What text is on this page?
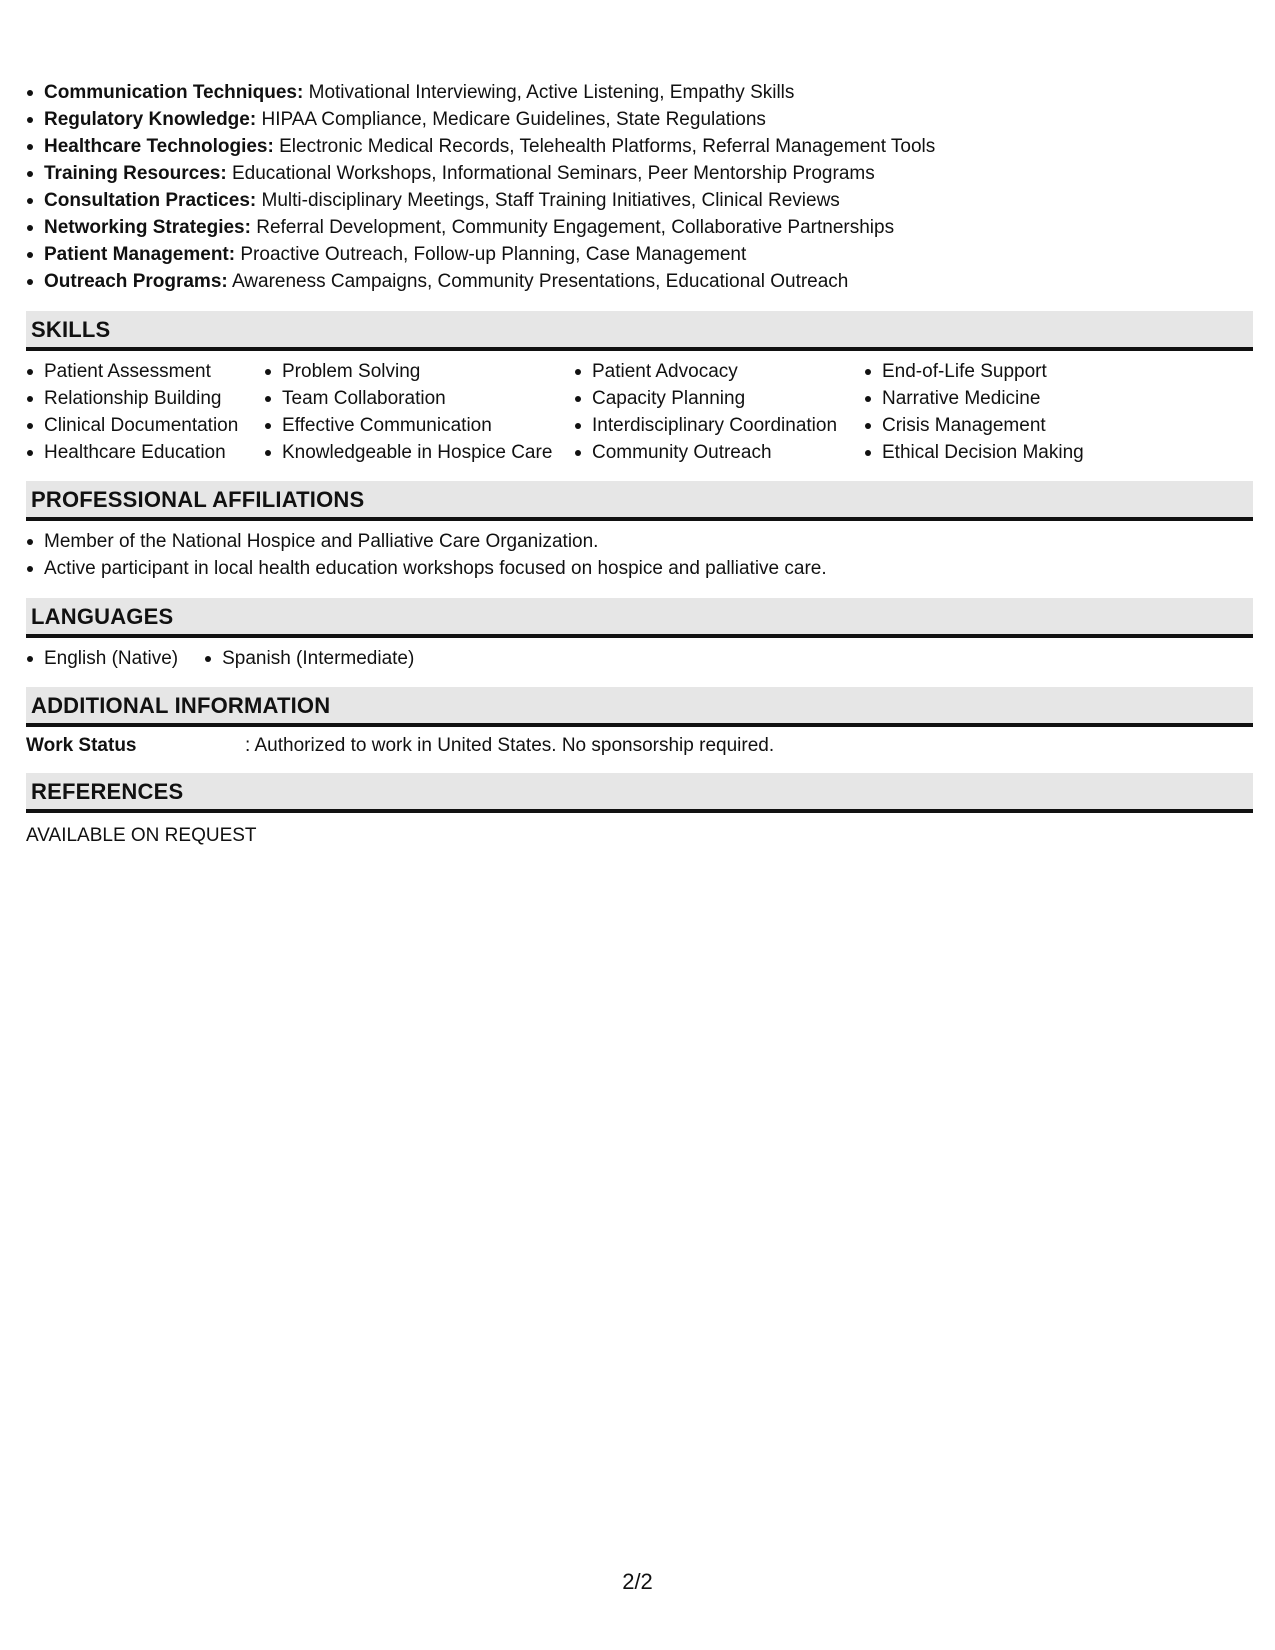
Communication Techniques: Motivational Interviewing, Active Listening, Empathy Skills
Regulatory Knowledge: HIPAA Compliance, Medicare Guidelines, State Regulations
Healthcare Technologies: Electronic Medical Records, Telehealth Platforms, Referral Management Tools
Training Resources: Educational Workshops, Informational Seminars, Peer Mentorship Programs
Consultation Practices: Multi-disciplinary Meetings, Staff Training Initiatives, Clinical Reviews
Networking Strategies: Referral Development, Community Engagement, Collaborative Partnerships
Patient Management: Proactive Outreach, Follow-up Planning, Case Management
Outreach Programs: Awareness Campaigns, Community Presentations, Educational Outreach
SKILLS
Patient Assessment
Relationship Building
Clinical Documentation
Healthcare Education
Problem Solving
Team Collaboration
Effective Communication
Knowledgeable in Hospice Care
Patient Advocacy
Capacity Planning
Interdisciplinary Coordination
Community Outreach
End-of-Life Support
Narrative Medicine
Crisis Management
Ethical Decision Making
PROFESSIONAL AFFILIATIONS
Member of the National Hospice and Palliative Care Organization.
Active participant in local health education workshops focused on hospice and palliative care.
LANGUAGES
English (Native)	Spanish (Intermediate)
ADDITIONAL INFORMATION
Work Status	: Authorized to work in United States. No sponsorship required.
REFERENCES
AVAILABLE ON REQUEST
2/2
